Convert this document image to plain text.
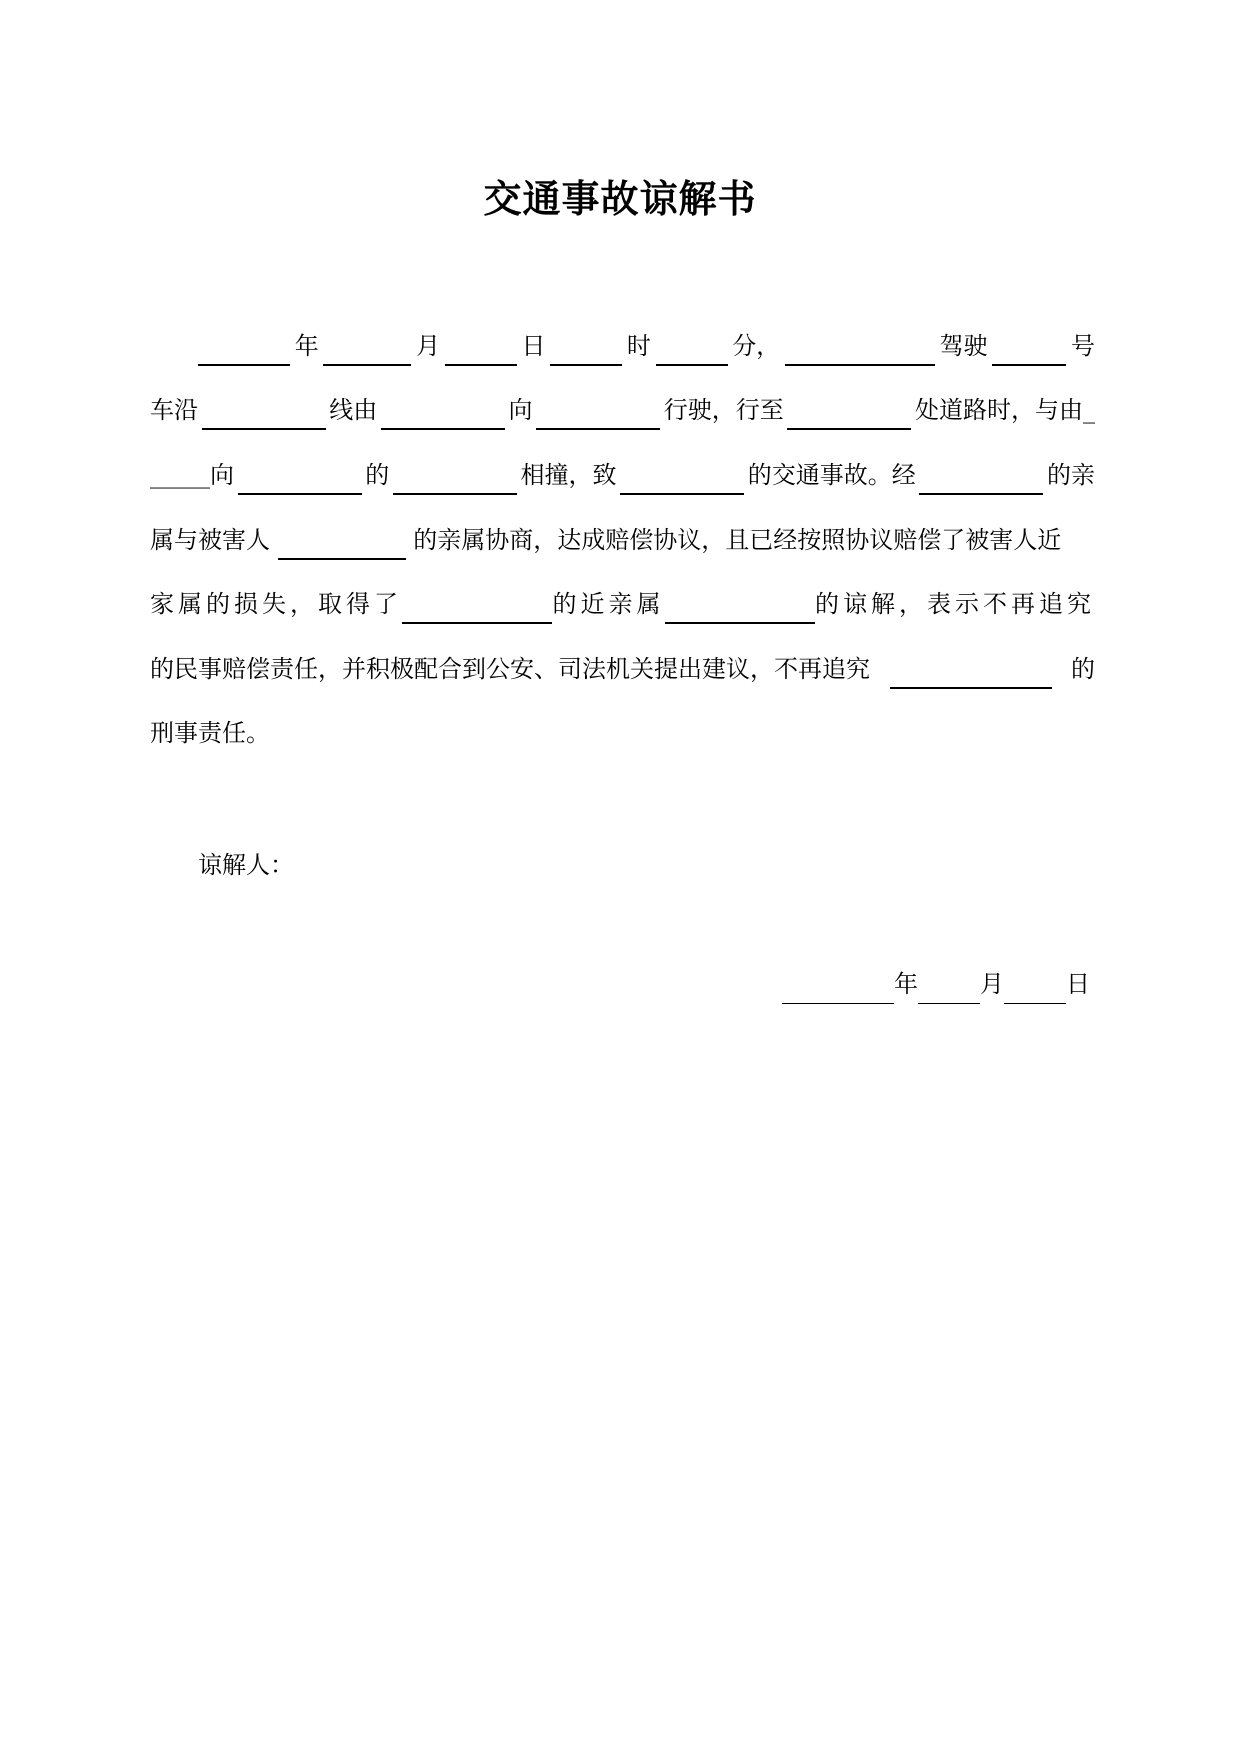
交通事故谅解书
年	月	日	时	分，	驾驶	号
车沿	线由	向	行驶，行至	处道路时，与由_
_____向	的	相撞，致	的交通事故。经	的亲
属与被害人	的亲属协商，达成赔偿协议，且已经按照协议赔偿了被害人近
家属的损失，取得了	的近亲属	的谅解，表示不再追究
的民事赔偿责任，并积极配合到公安、司法机关提出建议，不再追究	的
刑事责任。
谅解人：
年	月	日
